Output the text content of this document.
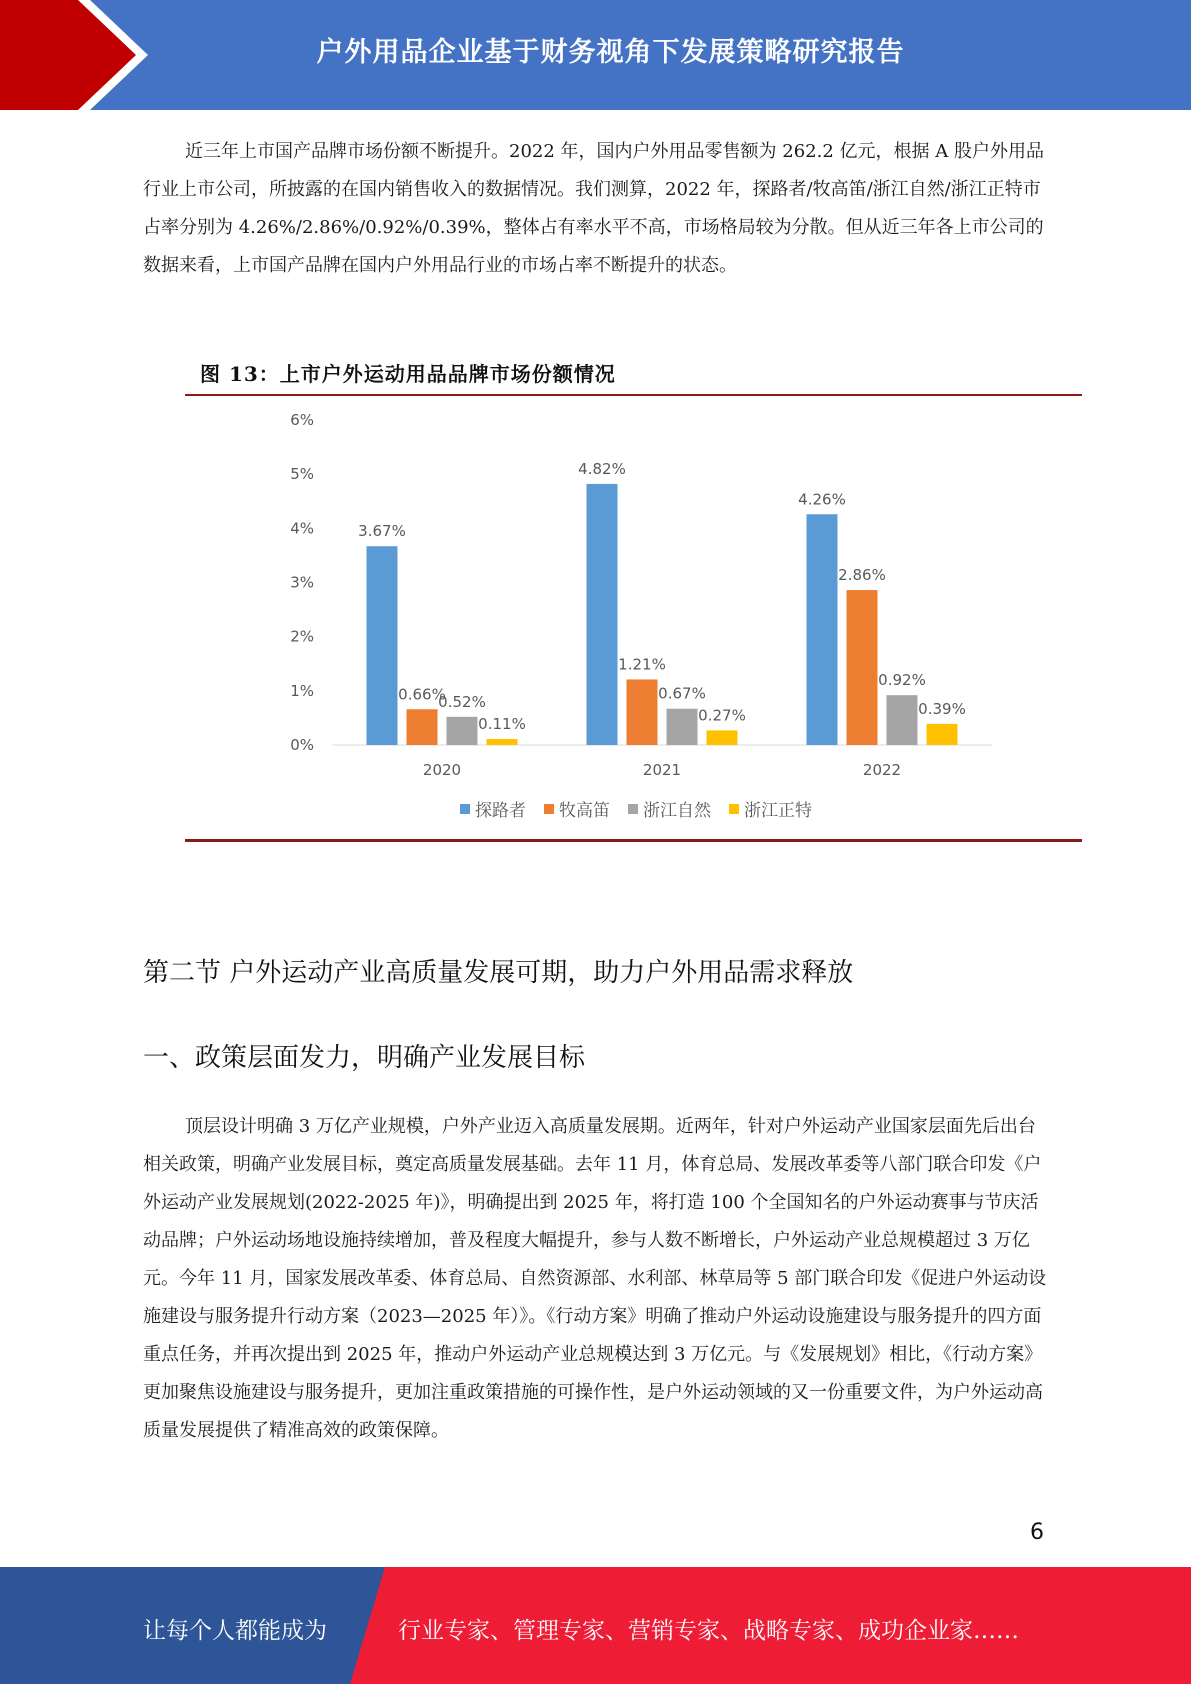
户外用品企业基于财务视角下发展策略研究报告

近三年上市国产品牌市场份额不断提升。2022 年，国内户外用品零售额为 262.2 亿元，根据 A 股户外用品行业上市公司，所披露的在国内销售收入的数据情况。我们测算，2022 年，探路者/牧高笛/浙江自然/浙江正特市占率分别为 4.26%/2.86%/0.92%/0.39%，整体占有率水平不高，市场格局较为分散。但从近三年各上市公司的数据来看，上市国产品牌在国内户外用品行业的市场占率不断提升的状态。

图 13：上市户外运动用品品牌市场份额情况
0%
1%
2%
3%
4%
5%
6%
3.67%
0.66%
0.52%
0.11%
2020
4.82%
1.21%
0.67%
0.27%
2021
4.26%
2.86%
0.92%
0.39%
2022
探路者 牧高笛 浙江自然 浙江正特
第二节 户外运动产业高质量发展可期，助力户外用品需求释放
一、政策层面发力，明确产业发展目标

顶层设计明确 3 万亿产业规模，户外产业迈入高质量发展期。近两年，针对户外运动产业国家层面先后出台相关政策，明确产业发展目标，奠定高质量发展基础。去年 11 月，体育总局、发展改革委等八部门联合印发《户外运动产业发展规划(2022-2025 年)》，明确提出到 2025 年，将打造 100 个全国知名的户外运动赛事与节庆活动品牌；户外运动场地设施持续增加，普及程度大幅提升，参与人数不断增长，户外运动产业总规模超过 3 万亿元。今年 11 月，国家发展改革委、体育总局、自然资源部、水利部、林草局等 5 部门联合印发《促进户外运动设施建设与服务提升行动方案（2023—2025 年）》。《行动方案》明确了推动户外运动设施建设与服务提升的四方面重点任务，并再次提出到 2025 年，推动户外运动产业总规模达到 3 万亿元。与《发展规划》相比，《行动方案》更加聚焦设施建设与服务提升，更加注重政策措施的可操作性，是户外运动领域的又一份重要文件，为户外运动高质量发展提供了精准高效的政策保障。

6
让每个人都能成为	行业专家、管理专家、营销专家、战略专家、成功企业家……
